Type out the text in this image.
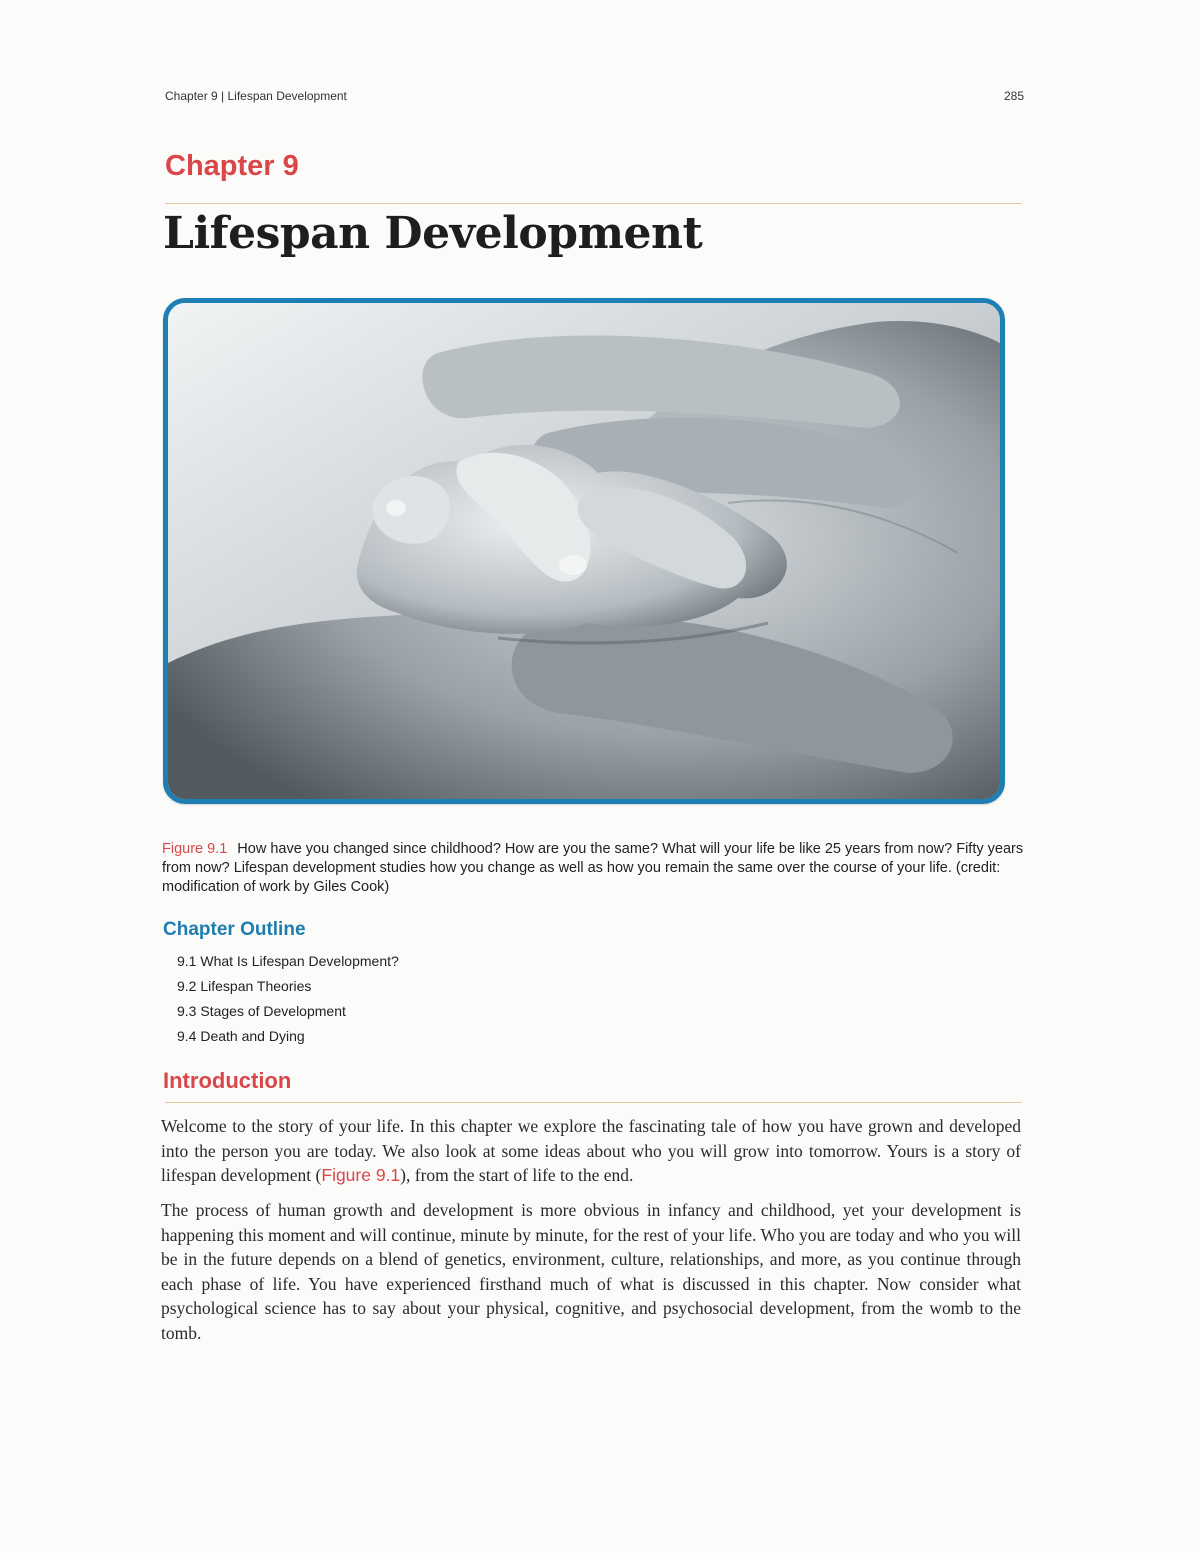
Chapter 9 | Lifespan Development	285
Chapter 9
Lifespan Development
Figure 9.1 How have you changed since childhood? How are you the same? What will your life be like 25 years from now? Fifty years from now? Lifespan development studies how you change as well as how you remain the same over the course of your life. (credit: modification of work by Giles Cook)
Chapter Outline
9.1 What Is Lifespan Development?
9.2 Lifespan Theories
9.3 Stages of Development
9.4 Death and Dying
Introduction

Welcome to the story of your life. In this chapter we explore the fascinating tale of how you have grown and developed into the person you are today. We also look at some ideas about who you will grow into tomorrow. Yours is a story of lifespan development (Figure 9.1), from the start of life to the end.

The process of human growth and development is more obvious in infancy and childhood, yet your development is happening this moment and will continue, minute by minute, for the rest of your life. Who you are today and who you will be in the future depends on a blend of genetics, environment, culture, relationships, and more, as you continue through each phase of life. You have experienced firsthand much of what is discussed in this chapter. Now consider what psychological science has to say about your physical, cognitive, and psychosocial development, from the womb to the tomb.
